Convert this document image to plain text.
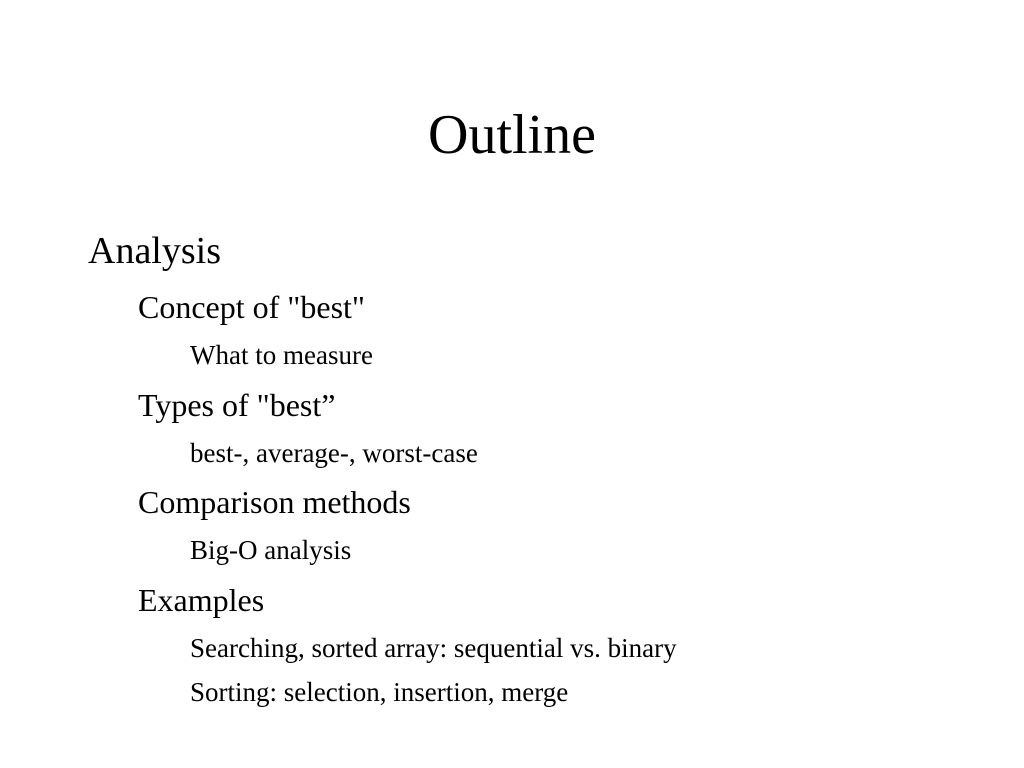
Outline
Analysis
Concept of "best"
What to measure
Types of "best”
best-, average-, worst-case
Comparison methods
Big-O analysis
Examples
Searching, sorted array: sequential vs. binary
Sorting: selection, insertion, merge
